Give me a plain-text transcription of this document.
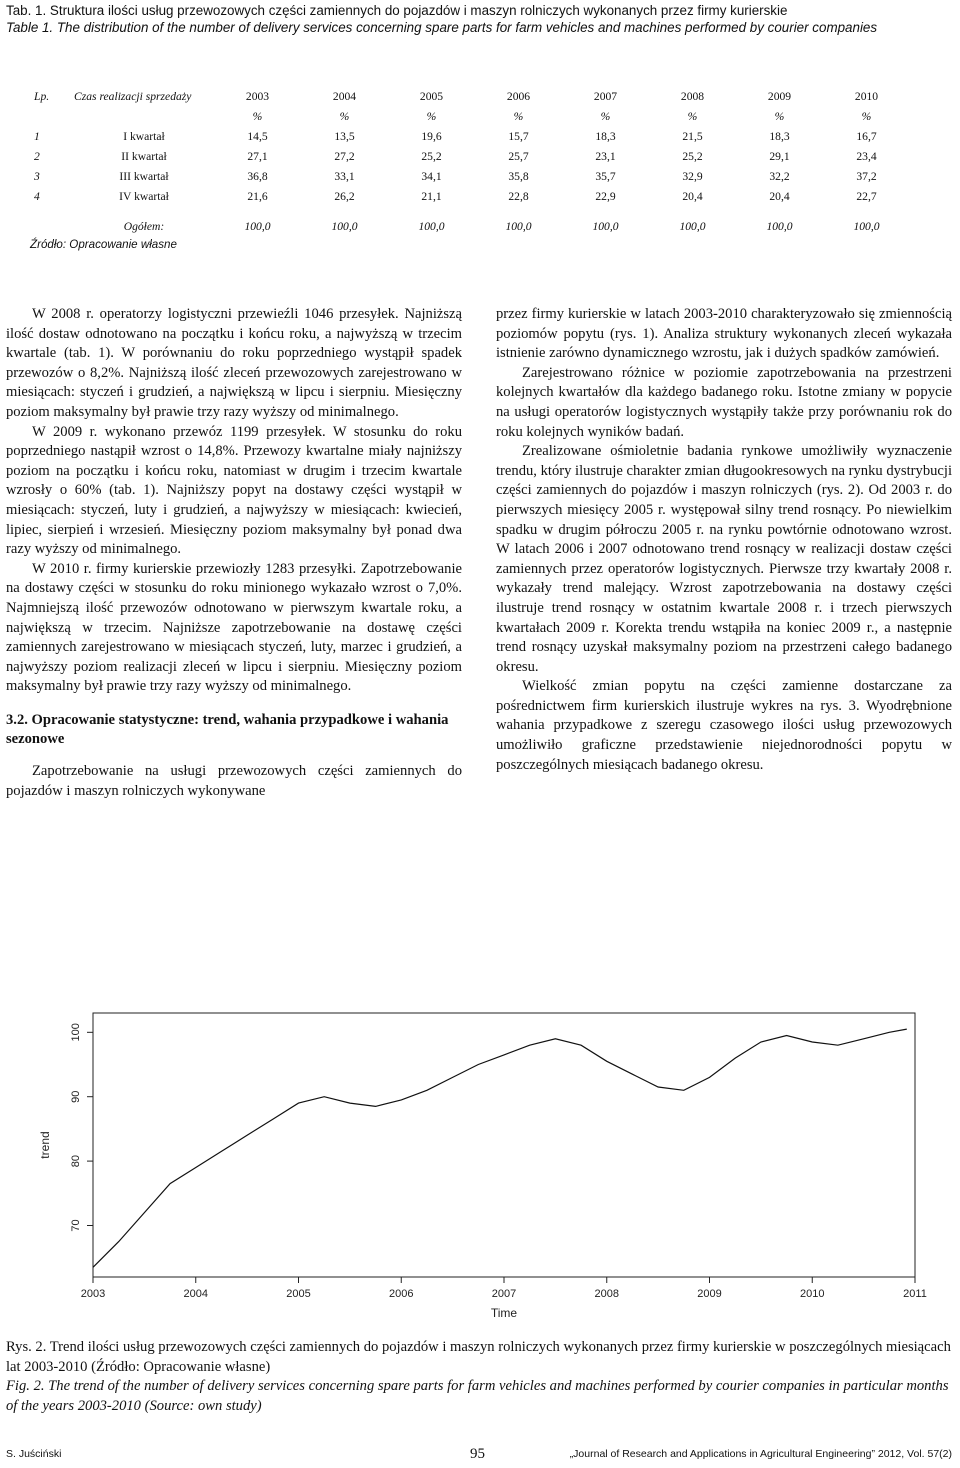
Tab. 1. Struktura ilości usług przewozowych części zamiennych do pojazdów i maszyn rolniczych wykonanych przez firmy kurierskie
Table 1. The distribution of the number of delivery services concerning spare parts for farm vehicles and machines performed by courier companies
Lp.	Czas realizacji sprzedaży	2003	2004	2005	2006	2007	2008	2009	2010
		%	%	%	%	%	%	%	%
1	I kwartał	14,5	13,5	19,6	15,7	18,3	21,5	18,3	16,7
2	II kwartał	27,1	27,2	25,2	25,7	23,1	25,2	29,1	23,4
3	III kwartał	36,8	33,1	34,1	35,8	35,7	32,9	32,2	37,2
4	IV kwartał	21,6	26,2	21,1	22,8	22,9	20,4	20,4	22,7

	Ogółem:	100,0	100,0	100,0	100,0	100,0	100,0	100,0	100,0
Źródło: Opracowanie własne

W 2008 r. operatorzy logistyczni przewieźli 1046 przesyłek. Najniższą ilość dostaw odnotowano na początku i końcu roku, a najwyższą w trzecim kwartale (tab. 1). W porównaniu do roku poprzedniego wystąpił spadek przewozów o 8,2%. Najniższą ilość zleceń przewozowych zarejestrowano w miesiącach: styczeń i grudzień, a największą w lipcu i sierpniu. Miesięczny poziom maksymalny był prawie trzy razy wyższy od minimalnego.

W 2009 r. wykonano przewóz 1199 przesyłek. W stosunku do roku poprzedniego nastąpił wzrost o 14,8%. Przewozy kwartalne miały najniższy poziom na początku i końcu roku, natomiast w drugim i trzecim kwartale wzrosły o 60% (tab. 1). Najniższy popyt na dostawy części wystąpił w miesiącach: styczeń, luty i grudzień, a najwyższy w miesiącach: kwiecień, lipiec, sierpień i wrzesień. Miesięczny poziom maksymalny był ponad dwa razy wyższy od minimalnego.

W 2010 r. firmy kurierskie przewiozły 1283 przesyłki. Zapotrzebowanie na dostawy części w stosunku do roku minionego wykazało wzrost o 7,0%. Najmniejszą ilość przewozów odnotowano w pierwszym kwartale roku, a największą w trzecim. Najniższe zapotrzebowanie na dostawę części zamiennych zarejestrowano w miesiącach styczeń, luty, marzec i grudzień, a najwyższy poziom realizacji zleceń w lipcu i sierpniu. Miesięczny poziom maksymalny był prawie trzy razy wyższy od minimalnego.

3.2. Opracowanie statystyczne: trend, wahania przypadkowe i wahania sezonowe

Zapotrzebowanie na usługi przewozowych części zamiennych do pojazdów i maszyn rolniczych wykonywane

przez firmy kurierskie w latach 2003-2010 charakteryzowało się zmiennością poziomów popytu (rys. 1). Analiza struktury wykonanych zleceń wykazała istnienie zarówno dynamicznego wzrostu, jak i dużych spadków zamówień.

Zarejestrowano różnice w poziomie zapotrzebowania na przestrzeni kolejnych kwartałów dla każdego badanego roku. Istotne zmiany w popycie na usługi operatorów logistycznych wystąpiły także przy porównaniu rok do roku kolejnych wyników badań.

Zrealizowane ośmioletnie badania rynkowe umożliwiły wyznaczenie trendu, który ilustruje charakter zmian długookresowych na rynku dystrybucji części zamiennych do pojazdów i maszyn rolniczych (rys. 2). Od 2003 r. do pierwszych miesięcy 2005 r. występował silny trend rosnący. Po niewielkim spadku w drugim półroczu 2005 r. na rynku powtórnie odnotowano wzrost. W latach 2006 i 2007 odnotowano trend rosnący w realizacji dostaw części zamiennych przez operatorów logistycznych. Pierwsze trzy kwartały 2008 r. wykazały trend malejący. Wzrost zapotrzebowania na dostawy części ilustruje trend rosnący w ostatnim kwartale 2008 r. i trzech pierwszych kwartałach 2009 r. Korekta trendu wstąpiła na koniec 2009 r., a następnie trend rosnący uzyskał maksymalny poziom na przestrzeni całego badanego okresu.

Wielkość zmian popytu na części zamienne dostarczane za pośrednictwem firm kurierskich ilustruje wykres na rys. 3. Wyodrębnione wahania przypadkowe z szeregu czasowego ilości usług przewozowych umożliwiło graficzne przedstawienie niejednorodności popytu w poszczególnych miesiącach badanego okresu.

2003	2004	2005	2006	2007	2008	2009	2010	2011
70
80
90
100
Time
trend
Rys. 2. Trend ilości usług przewozowych części zamiennych do pojazdów i maszyn rolniczych wykonanych przez firmy kurierskie w poszczególnych miesiącach lat 2003-2010 (Źródło: Opracowanie własne)
Fig. 2. The trend of the number of delivery services concerning spare parts for farm vehicles and machines performed by courier companies in particular months of the years 2003-2010 (Source: own study)
S. Juściński	95	„Journal of Research and Applications in Agricultural Engineering” 2012, Vol. 57(2)
